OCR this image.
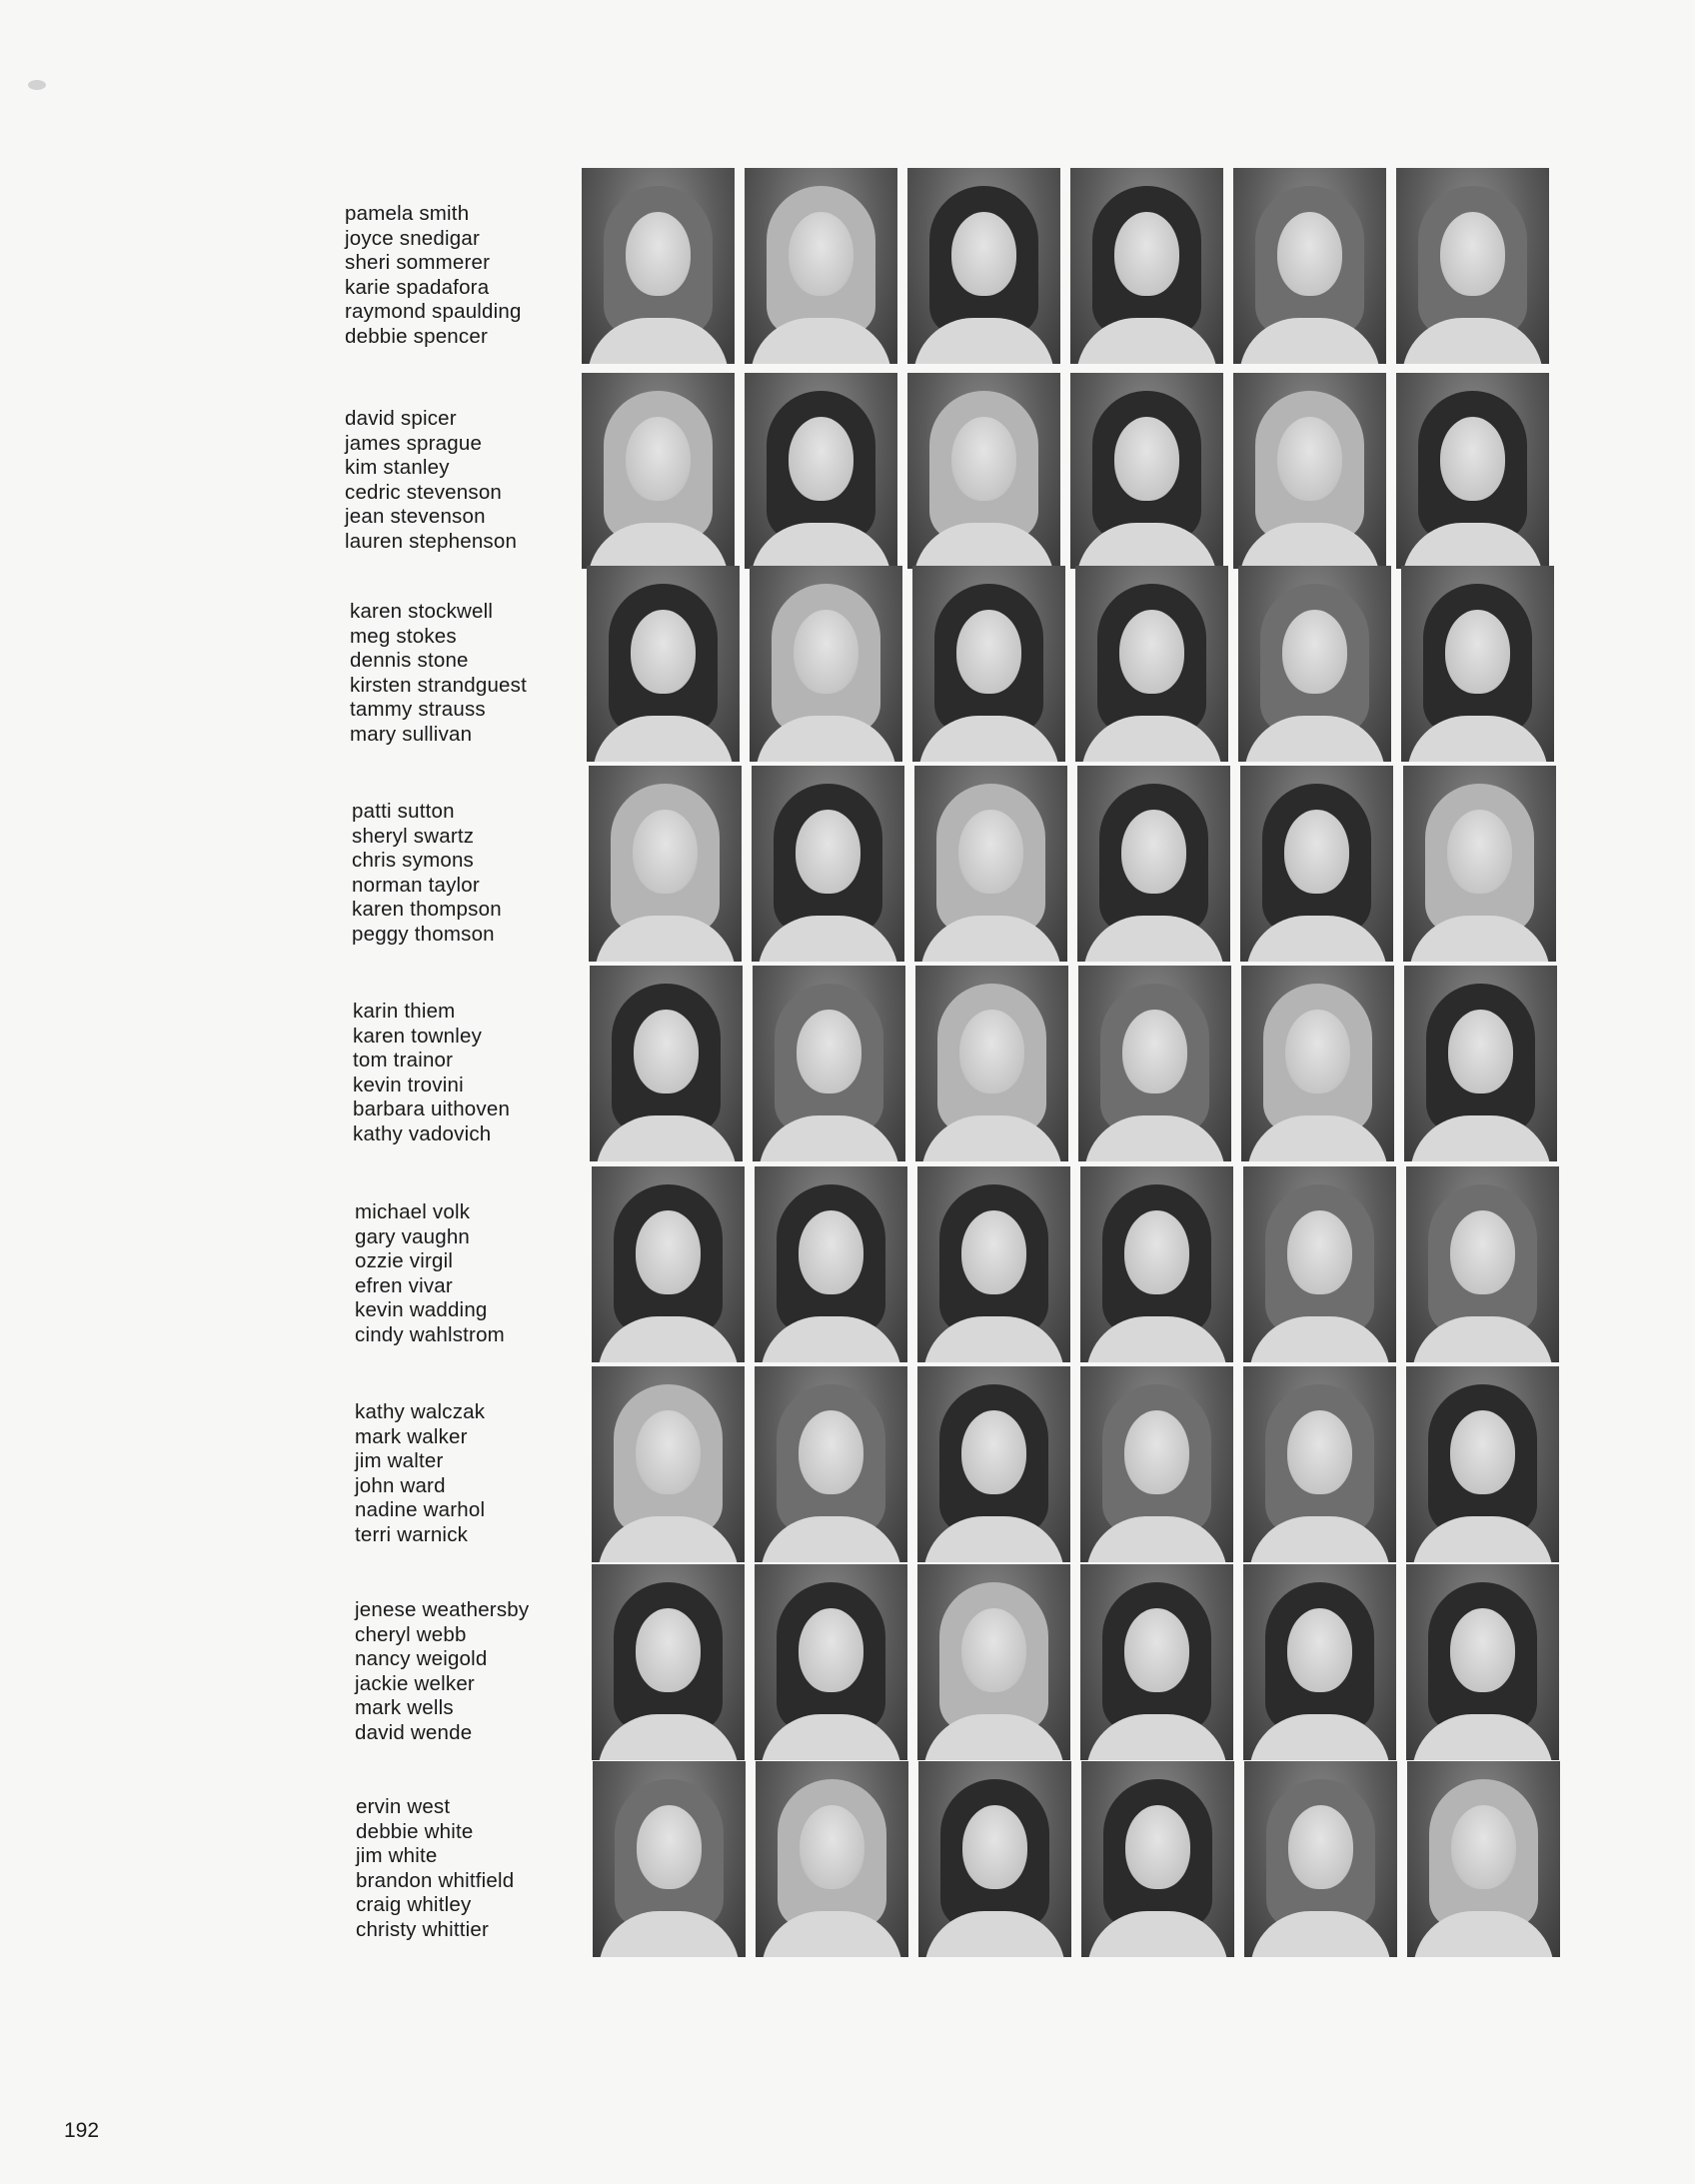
pamela smith
joyce snedigar
sheri sommerer
karie spadafora
raymond spaulding
debbie spencer
david spicer
james sprague
kim stanley
cedric stevenson
jean stevenson
lauren stephenson
karen stockwell
meg stokes
dennis stone
kirsten strandguest
tammy strauss
mary sullivan
patti sutton
sheryl swartz
chris symons
norman taylor
karen thompson
peggy thomson
karin thiem
karen townley
tom trainor
kevin trovini
barbara uithoven
kathy vadovich
michael volk
gary vaughn
ozzie virgil
efren vivar
kevin wadding
cindy wahlstrom
kathy walczak
mark walker
jim walter
john ward
nadine warhol
terri warnick
jenese weathersby
cheryl webb
nancy weigold
jackie welker
mark wells
david wende
ervin west
debbie white
jim white
brandon whitfield
craig whitley
christy whittier
192
